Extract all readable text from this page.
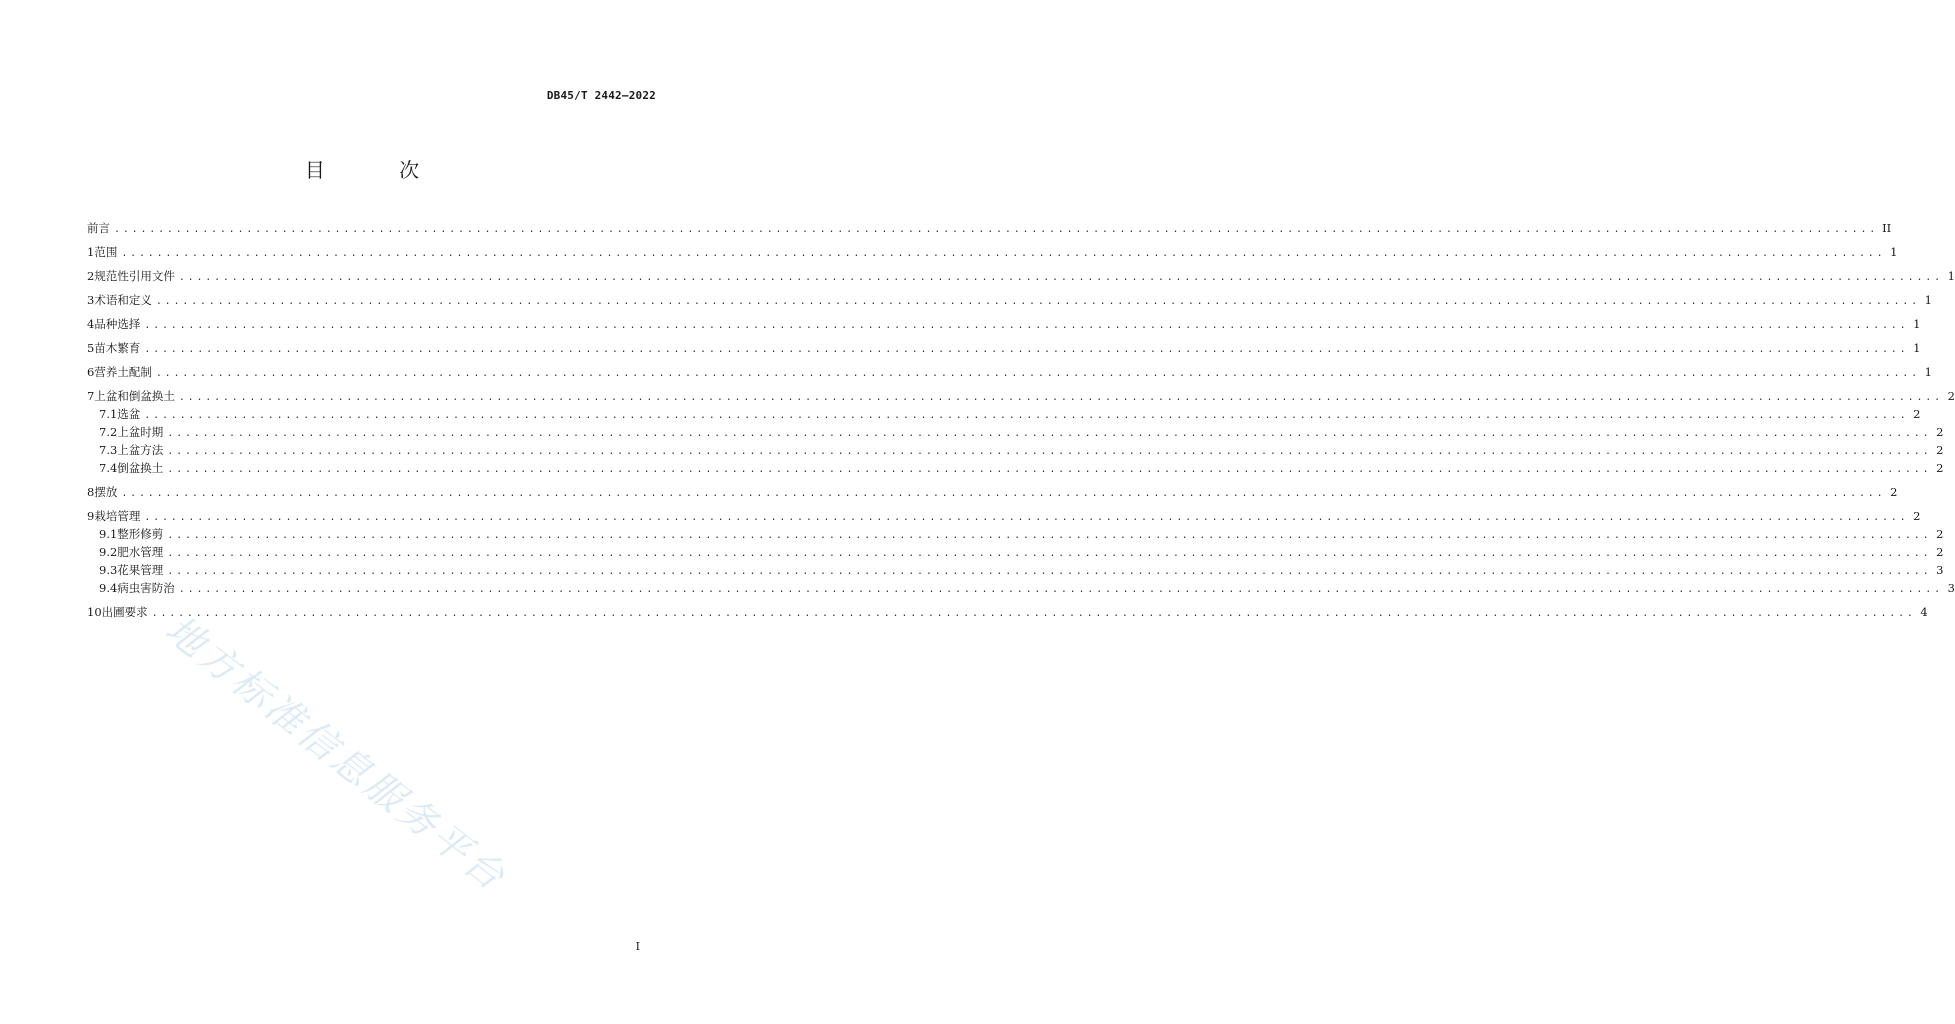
DB45/T 2442—2022
目 次
前言 ........................................................................................................................................................................................................ II
1 范围 ........................................................................................................................................................................................................ 1
2 规范性引用文件 ........................................................................................................................................................................................................ 1
3 术语和定义 ........................................................................................................................................................................................................ 1
4 品种选择 ........................................................................................................................................................................................................ 1
5 苗木繁育 ........................................................................................................................................................................................................ 1
6 营养土配制 ........................................................................................................................................................................................................ 1
7 上盆和倒盆换土 ........................................................................................................................................................................................................ 2
7.1 选盆 ........................................................................................................................................................................................................ 2
7.2 上盆时期 ........................................................................................................................................................................................................ 2
7.3 上盆方法 ........................................................................................................................................................................................................ 2
7.4 倒盆换土 ........................................................................................................................................................................................................ 2
8 摆放 ........................................................................................................................................................................................................ 2
9 栽培管理 ........................................................................................................................................................................................................ 2
9.1 整形修剪 ........................................................................................................................................................................................................ 2
9.2 肥水管理 ........................................................................................................................................................................................................ 2
9.3 花果管理 ........................................................................................................................................................................................................ 3
9.4 病虫害防治 ........................................................................................................................................................................................................ 3
10 出圃要求 ........................................................................................................................................................................................................ 4
地方标准信息服务平台
I
